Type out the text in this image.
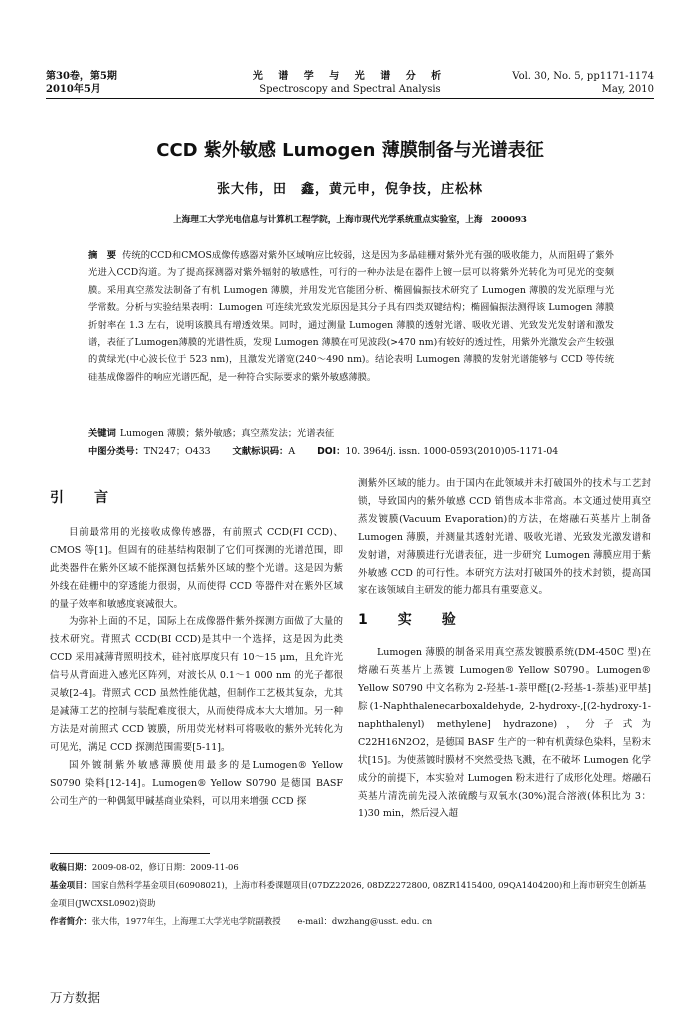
第30卷，第5期
2010年5月
光 谱 学 与 光 谱 分 析
Spectroscopy and Spectral Analysis
Vol. 30, No. 5, pp1171-1174
May, 2010
CCD 紫外敏感 Lumogen 薄膜制备与光谱表征
张大伟，田　鑫，黄元申，倪争技，庄松林
上海理工大学光电信息与计算机工程学院，上海市现代光学系统重点实验室，上海　200093
摘　要 传统的CCD和CMOS成像传感器对紫外区域响应比较弱，这是因为多晶硅栅对紫外光有强的吸收能力，从而阻碍了紫外光进入CCD沟道。为了提高探测器对紫外辐射的敏感性，可行的一种办法是在器件上镀一层可以将紫外光转化为可见光的变频膜。采用真空蒸发法制备了有机 Lumogen 薄膜，并用发光官能团分析、椭圆偏振技术研究了 Lumogen 薄膜的发光原理与光学常数。分析与实验结果表明：Lumogen 可连续光致发光原因是其分子具有四类双键结构；椭圆偏振法测得该 Lumogen 薄膜折射率在 1.3 左右，说明该膜具有增透效果。同时，通过测量 Lumogen 薄膜的透射光谱、吸收光谱、光致发光发射谱和激发谱，表征了Lumogen薄膜的光谱性质，发现 Lumogen 薄膜在可见波段(>470 nm)有较好的透过性，用紫外光激发会产生较强的黄绿光(中心波长位于 523 nm)，且激发光谱宽(240～490 nm)。结论表明 Lumogen 薄膜的发射光谱能够与 CCD 等传统硅基成像器件的响应光谱匹配，是一种符合实际要求的紫外敏感薄膜。
关键词 Lumogen 薄膜；紫外敏感；真空蒸发法；光谱表征
中图分类号：TN247；O433 文献标识码：A DOI：10. 3964/j. issn. 1000-0593(2010)05-1171-04
引　言

目前最常用的光接收成像传感器，有前照式 CCD(FI CCD)、CMOS 等[1]。但固有的硅基结构限制了它们可探测的光谱范围，即此类器件在紫外区域不能探测包括紫外区域的整个光谱。这是因为紫外线在硅栅中的穿透能力很弱，从而使得 CCD 等器件对在紫外区域的量子效率和敏感度衰减很大。

为弥补上面的不足，国际上在成像器件紫外探测方面做了大量的技术研究。背照式 CCD(BI CCD)是其中一个选择，这是因为此类 CCD 采用减薄背照明技术，硅衬底厚度只有 10～15 μm，且允许光信号从背面进入感光区阵列，对波长从 0.1～1 000 nm 的光子都很灵敏[2-4]。背照式 CCD 虽然性能优越，但制作工艺极其复杂，尤其是减薄工艺的控制与装配难度很大，从而使得成本大大增加。另一种方法是对前照式 CCD 镀膜，所用荧光材料可将吸收的紫外光转化为可见光，满足 CCD 探测范围需要[5-11]。

国外镀制紫外敏感薄膜使用最多的是Lumogen® Yellow S0790 染料[12-14]。Lumogen® Yellow S0790 是德国 BASF 公司生产的一种偶氮甲碱基商业染料，可以用来增强 CCD 探

测紫外区域的能力。由于国内在此领域并未打破国外的技术与工艺封锁，导致国内的紫外敏感 CCD 销售成本非常高。本文通过使用真空蒸发镀膜(Vacuum Evaporation)的方法，在熔融石英基片上制备 Lumogen 薄膜，并测量其透射光谱、吸收光谱、光致发光激发谱和发射谱，对薄膜进行光谱表征，进一步研究 Lumogen 薄膜应用于紫外敏感 CCD 的可行性。本研究方法对打破国外的技术封锁，提高国家在该领域自主研发的能力都具有重要意义。

1　实　验

Lumogen 薄膜的制备采用真空蒸发镀膜系统(DM-450C 型)在熔融石英基片上蒸镀 Lumogen® Yellow S0790。Lumogen® Yellow S0790 中文名称为 2-羟基-1-萘甲醛[(2-羟基-1-萘基)亚甲基]腙(1-Naphthalenecarboxaldehyde, 2-hydroxy-,[(2-hydroxy-1-naphthalenyl) methylene] hydrazone)，分子式为 C22H16N2O2，是德国 BASF 生产的一种有机黄绿色染料，呈粉末状[15]。为使蒸镀时膜材不突然受热飞溅，在不破坏 Lumogen 化学成分的前提下，本实验对 Lumogen 粉末进行了成形化处理。熔融石英基片清洗前先浸入浓硫酸与双氧水(30%)混合溶液(体积比为 3：1)30 min，然后浸入超

收稿日期：2009-08-02，修订日期：2009-11-06
基金项目：国家自然科学基金项目(60908021)，上海市科委课题项目(07DZ22026, 08DZ2272800, 08ZR1415400, 09QA1404200)和上海市研究生创新基金项目(JWCXSL0902)资助
作者简介：张大伟，1977年生，上海理工大学光电学院副教授　　e-mail：dwzhang@usst. edu. cn
万方数据
